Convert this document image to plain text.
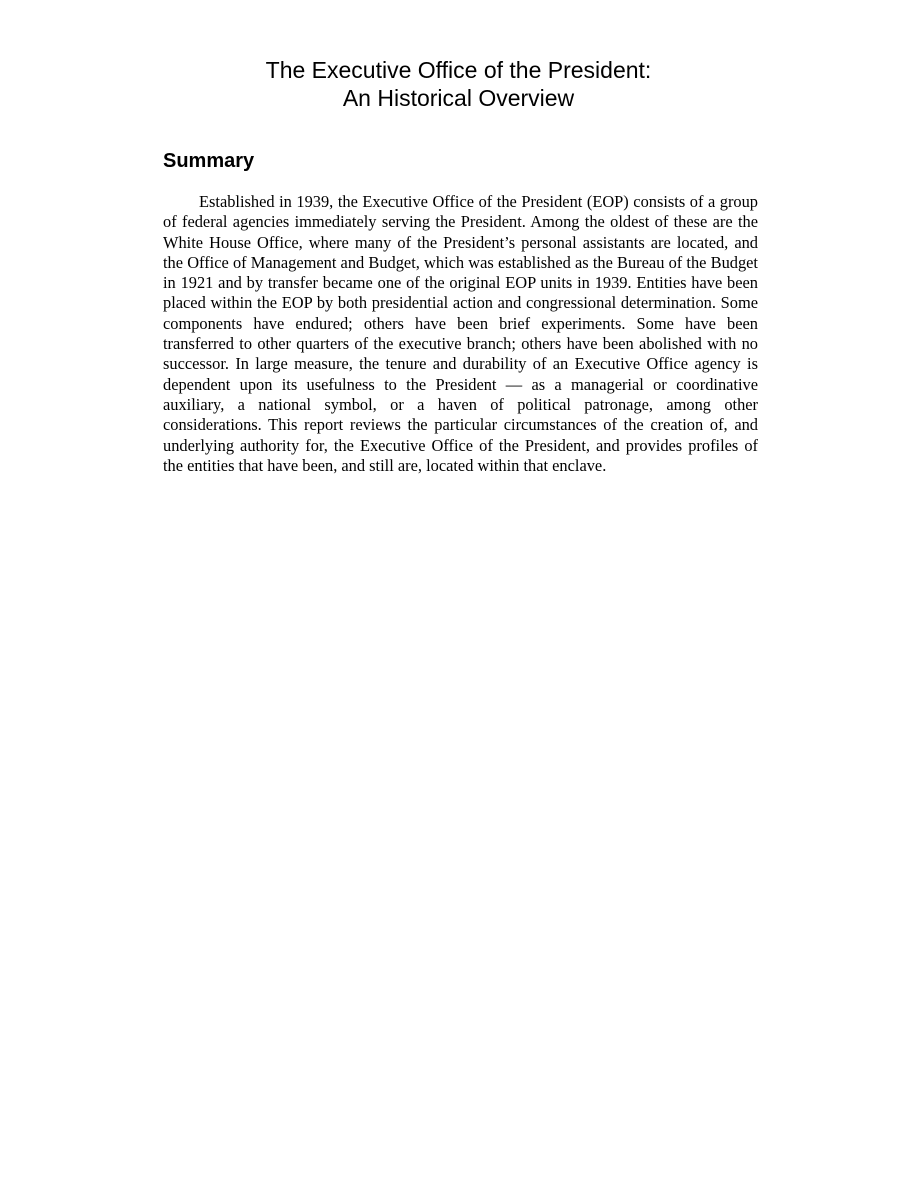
The Executive Office of the President:
An Historical Overview
Summary

Established in 1939, the Executive Office of the President (EOP) consists of a group of federal agencies immediately serving the President. Among the oldest of these are the White House Office, where many of the President’s personal assistants are located, and the Office of Management and Budget, which was established as the Bureau of the Budget in 1921 and by transfer became one of the original EOP units in 1939. Entities have been placed within the EOP by both presidential action and congressional determination. Some components have endured; others have been brief experiments. Some have been transferred to other quarters of the executive branch; others have been abolished with no successor. In large measure, the tenure and durability of an Executive Office agency is dependent upon its usefulness to the President — as a managerial or coordinative auxiliary, a national symbol, or a haven of political patronage, among other considerations. This report reviews the particular circumstances of the creation of, and underlying authority for, the Executive Office of the President, and provides profiles of the entities that have been, and still are, located within that enclave.
